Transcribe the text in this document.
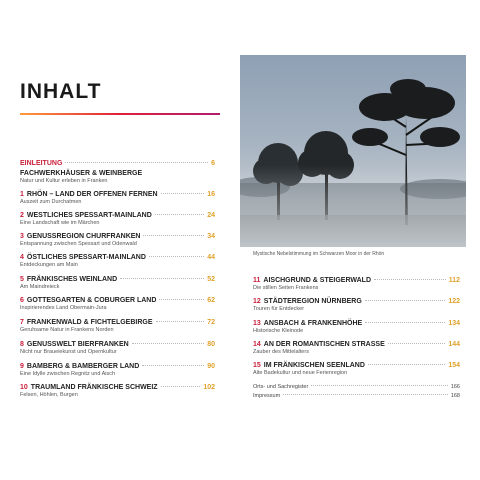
INHALT
EINLEITUNG	6
FACHWERKHÄUSER & WEINBERGE
Natur und Kultur erleben in Franken
1 RHÖN – LAND DER OFFENEN FERNEN	16
Auszeit zum Durchatmen
2 WESTLICHES SPESSART-MAINLAND	24
Eine Landschaft wie im Märchen
3 GENUSSREGION CHURFRANKEN	34
Entspannung zwischen Spessart und Odenwald
4 ÖSTLICHES SPESSART-MAINLAND	44
Entdeckungen am Main
5 FRÄNKISCHES WEINLAND	52
Am Maindreieck
6 GOTTESGARTEN & COBURGER LAND	62
Inspirierendes Land Obermain-Jura
7 FRANKENWALD & FICHTELGEBIRGE	72
Geruhsame Natur in Frankens Norden
8 GENUSSWELT BIERFRANKEN	80
Nicht nur Braueiekunst und Opernkultur
9 BAMBERG & BAMBERGER LAND	90
Eine Idylle zwischen Regnitz und Aisch
10 TRAUMLAND FRÄNKISCHE SCHWEIZ	102
Felsen, Höhlen, Burgen
11 AISCHGRUND & STEIGERWALD	112
Die stillen Seiten Frankens
12 STÄDTEREGION NÜRNBERG	122
Touren für Entdecker
13 ANSBACH & FRANKENHÖHE	134
Historische Kleinode
14 AN DER ROMANTISCHEN STRASSE	144
Zauber des Mittelalters
15 IM FRÄNKISCHEN SEENLAND	154
Alte Badekultur und neue Ferienregion
Orts- und Sachregister	166
Impressum	168
Mystische Nebelstimmung im Schwarzen Moor in der Rhön
